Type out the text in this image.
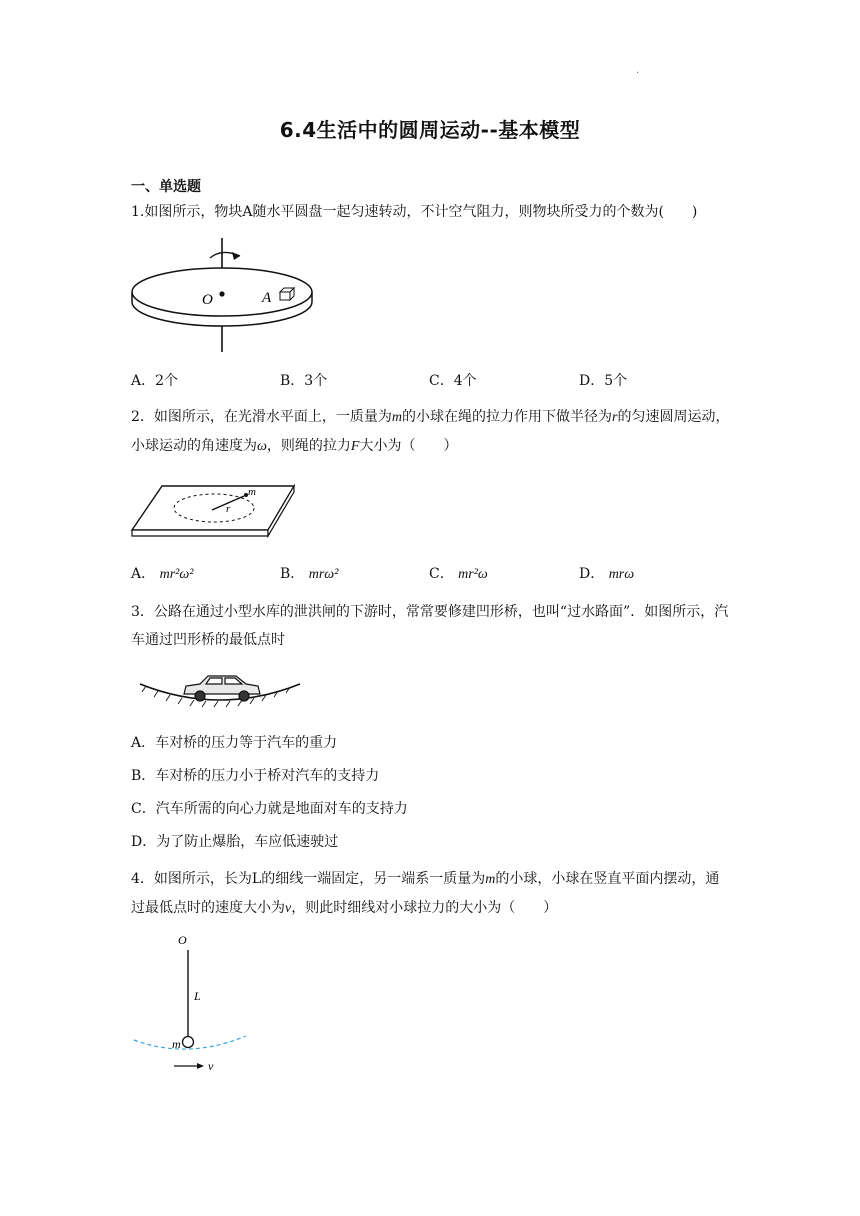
·
6.4生活中的圆周运动--基本模型
一、单选题
1.如图所示，物块A随水平圆盘一起匀速转动，不计空气阻力，则物块所受力的个数为(　　)
O	A
A．2个	B．3个	C．4个	D．5个
2．如图所示，在光滑水平面上，一质量为m的小球在绳的拉力作用下做半径为r的匀速圆周运动，小球运动的角速度为ω，则绳的拉力F大小为（　　）
m
r
A． mr²ω²	B． mrω²	C． mr²ω	D． mrω
3．公路在通过小型水库的泄洪闸的下游时，常常要修建凹形桥，也叫“过水路面”．如图所示，汽车通过凹形桥的最低点时
A．车对桥的压力等于汽车的重力
B．车对桥的压力小于桥对汽车的支持力
C．汽车所需的向心力就是地面对车的支持力
D．为了防止爆胎，车应低速驶过
4．如图所示，长为L的细线一端固定，另一端系一质量为m的小球，小球在竖直平面内摆动，通过最低点时的速度大小为v，则此时细线对小球拉力的大小为（　　）
O
L
m
v
